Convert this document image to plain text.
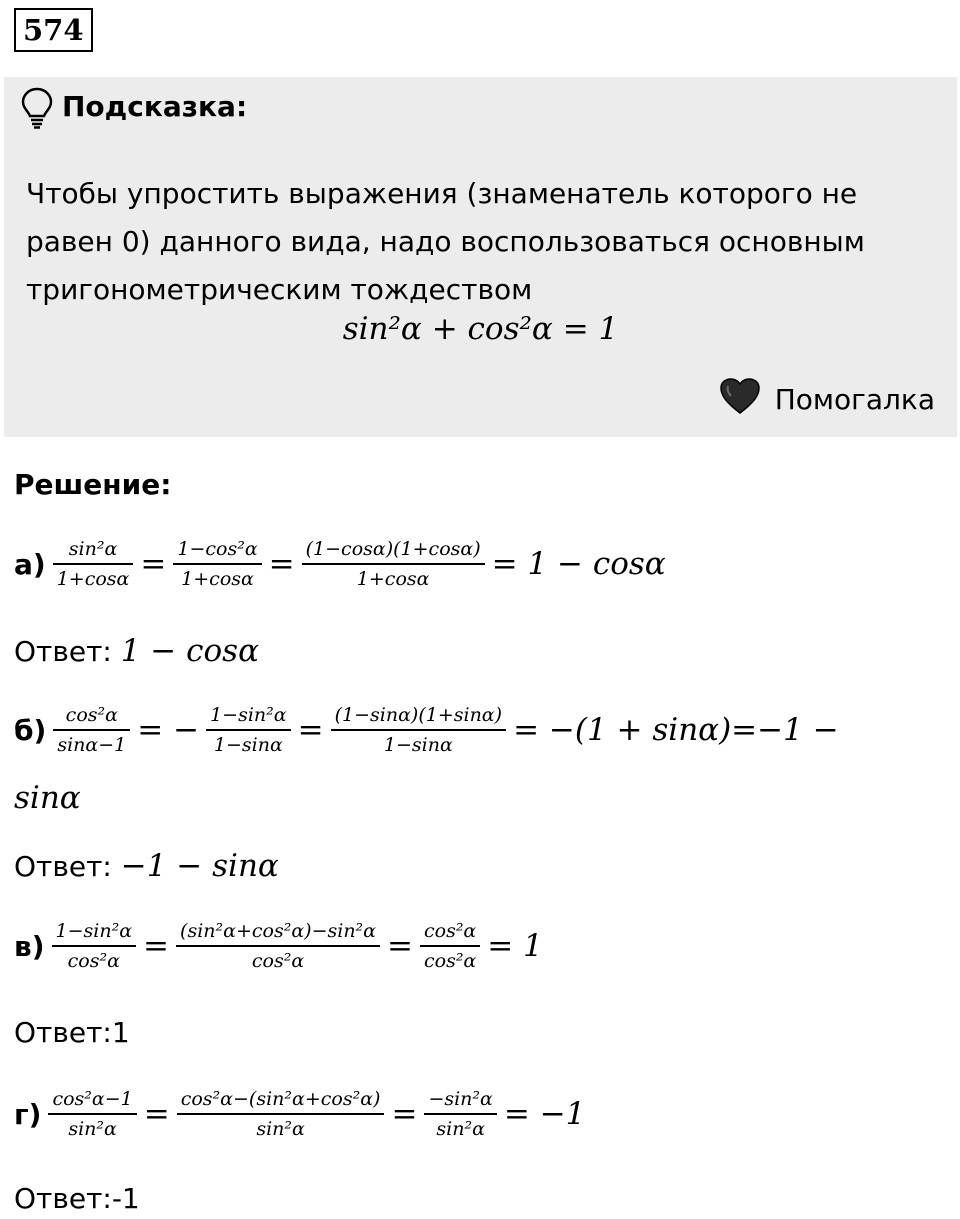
574
Подсказка:

Чтобы упростить выражения (знаменатель которого не

равен 0) данного вида, надо воспользоваться основным

тригонометрическим тождеством

sin²α + cos²α = 1
Помогалка
Решение:
$а) \frac{\text{sin²α}}{1+\cos\alpha} = \frac{\text{1−cos²α}}{1+\cos\alpha} = \frac{(1-\cos\alpha)(1+\cos\alpha)}{1+\cos\alpha} = 1 - \cos\alpha$
Ответ: 1 − cosα
$б) \frac{\text{cos²α}}{\sin\alpha-1}$ = − $\frac{\text{1−sin²α}}{1-\sin\alpha} = \frac{(1-\sin\alpha)(1+\sin\alpha)}{1-\sin\alpha} = -(1 + \sin\alpha)=-1$ −
sinα
Ответ: −1 − sinα
$в) \frac{\text{1−sin²α}}{\text{cos²α}} = \frac{\text{(sin²α+cos²α)−sin²α}}{\text{cos²α}} = \frac{\text{cos²α}}{\text{cos²α}} = 1$
Ответ:1
$г) \frac{\text{cos²α−1}}{\text{sin²α}} = \frac{\text{cos²α−(sin²α+cos²α)}}{\text{sin²α}} = \frac{\text{−sin²α}}{\text{sin²α}} = -1$
Ответ:-1
